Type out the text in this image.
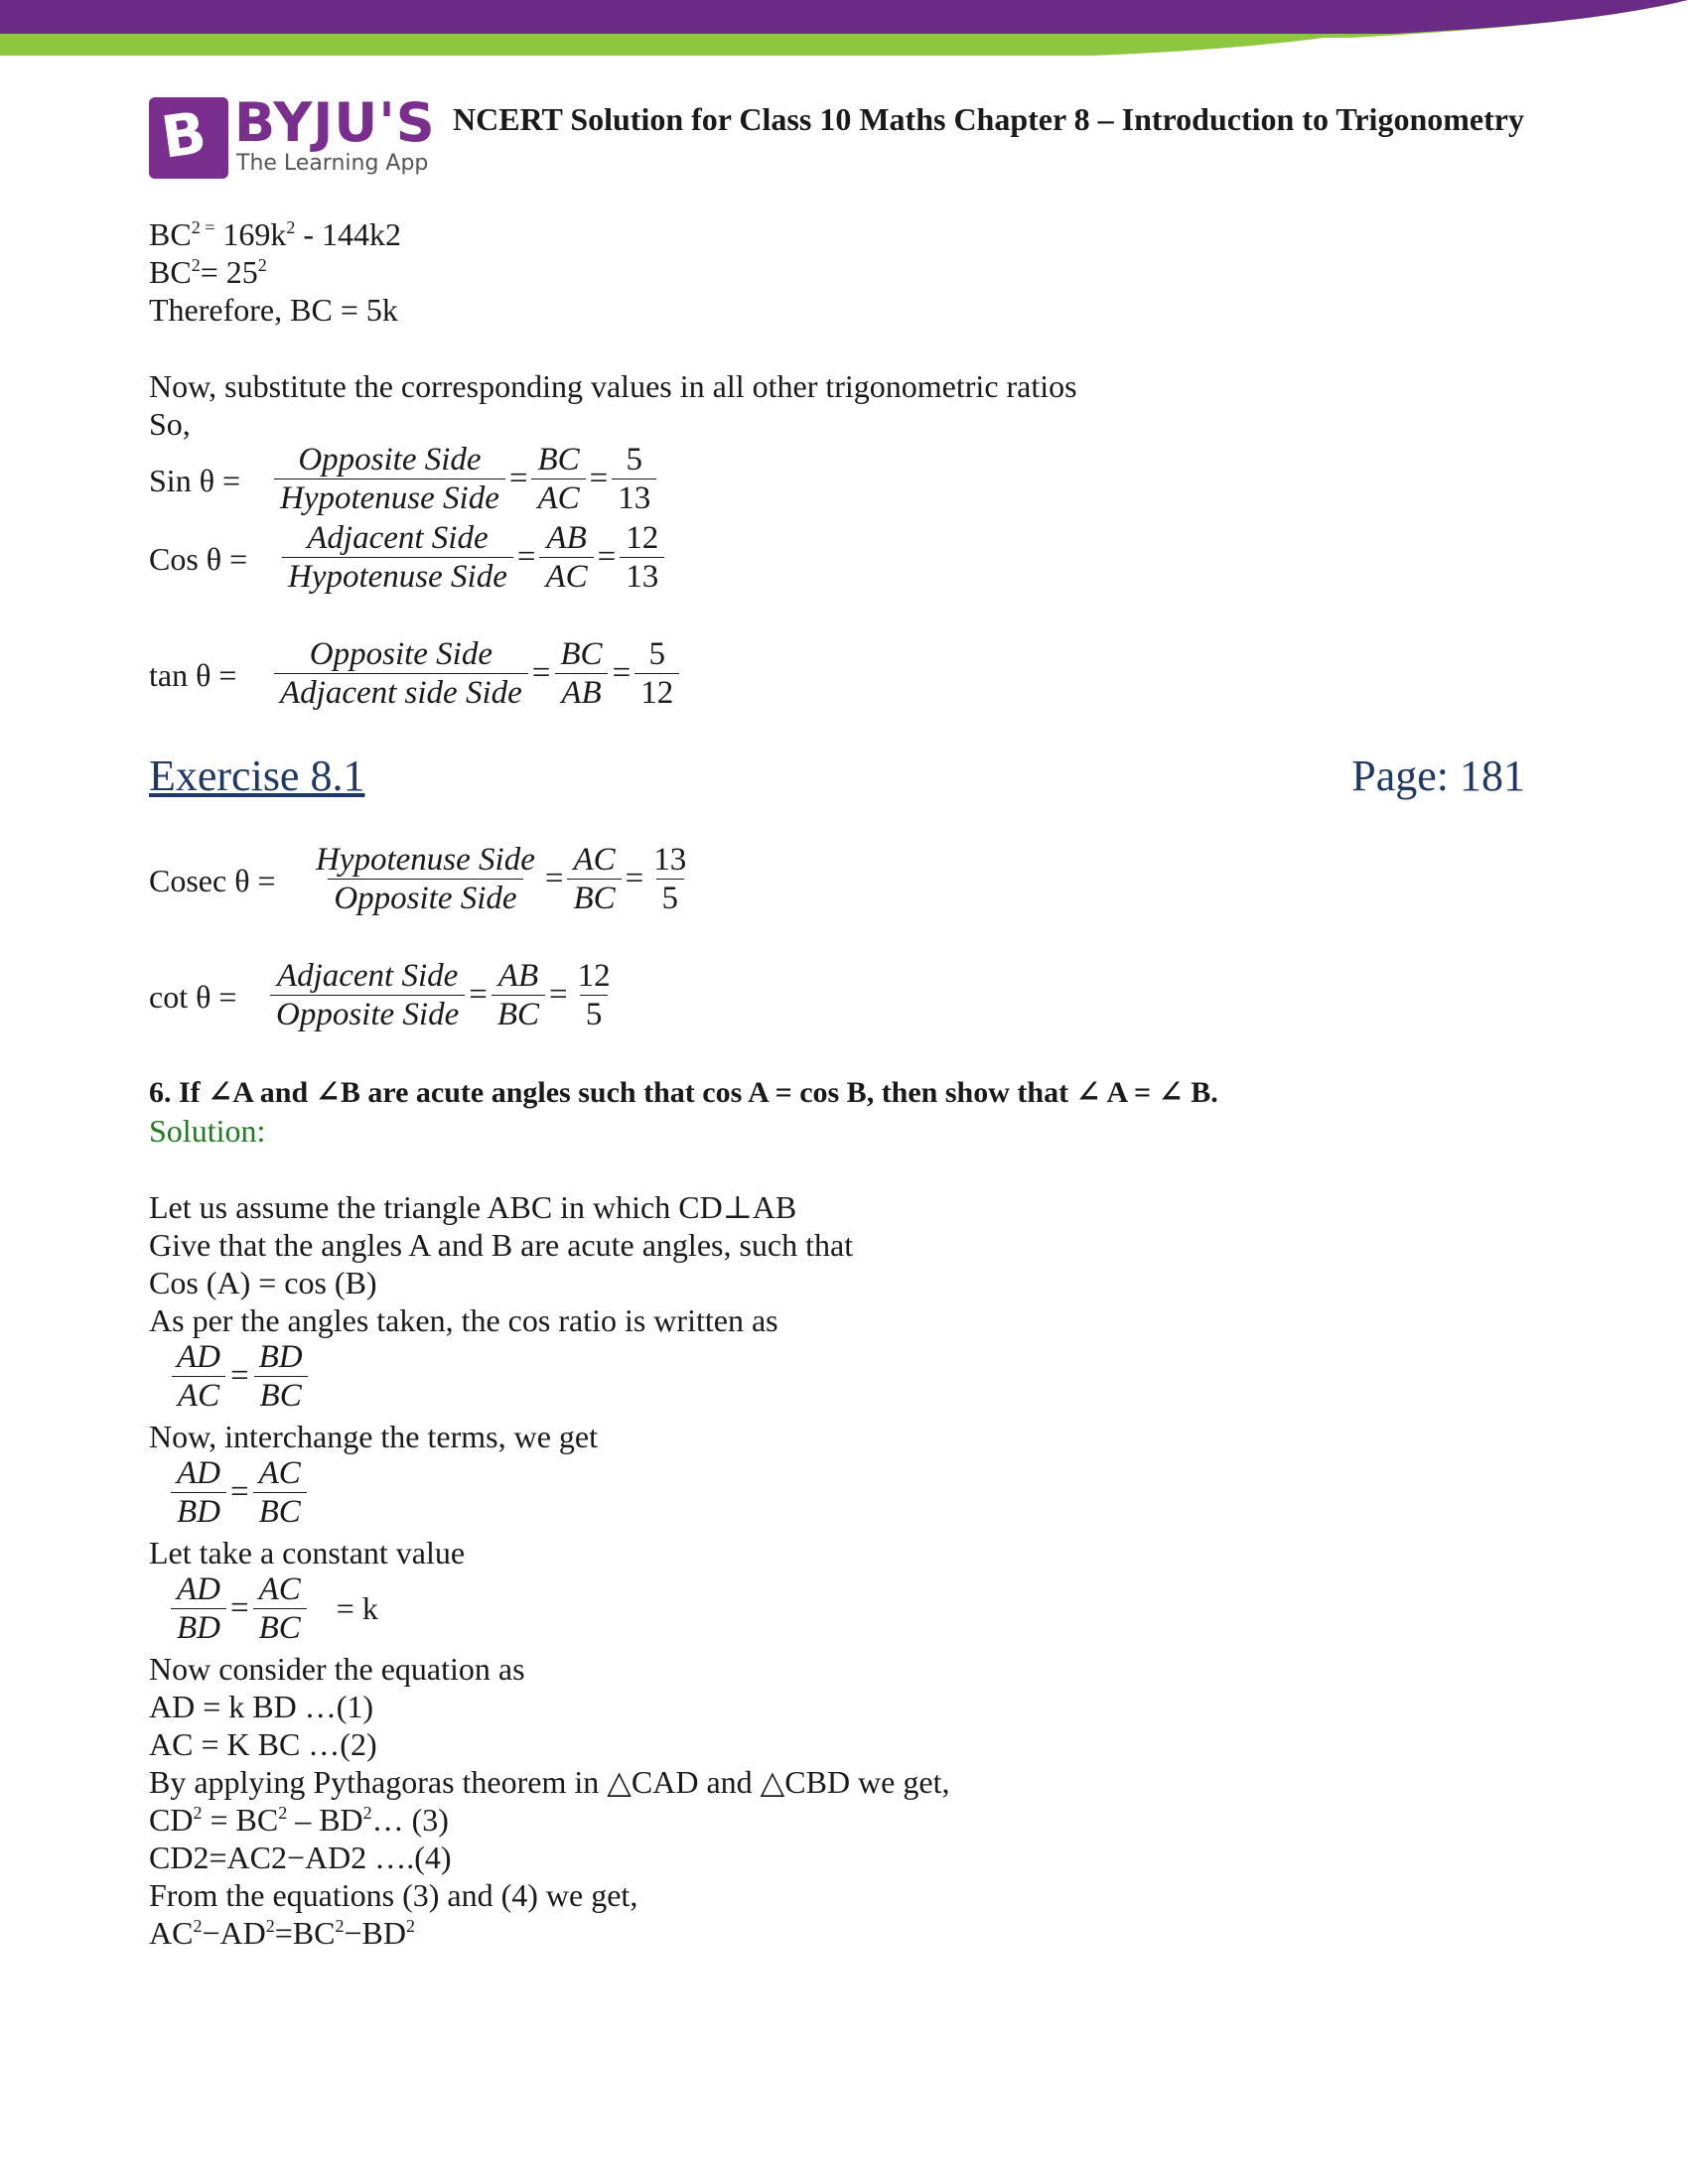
B BYJU'S
The Learning App
NCERT Solution for Class 10 Maths Chapter 8 – Introduction to Trigonometry
$BC^{2 =}$ $169k^2 - 144k2$
$BC^2= 25^2$
Therefore, BC = 5k
Now, substitute the corresponding values in all other trigonometric ratios
So,
Sin $\theta = \frac{\text{Opposite Side}}{\text{Hypotenuse Side}} = \frac{BC}{AC} = \frac{5}{13}$
Cos $\theta = \frac{\text{Adjacent Side}}{\text{Hypotenuse Side}} = \frac{AB}{AC} = \frac{12}{13}$
$\tan \theta = \frac{\text{Opposite Side}}{\text{Adjacent side Side}} = \frac{BC}{AB} = \frac{5}{12}$
Exercise 8.1	Page: 181
Cosec $\theta = \frac{\text{Hypotenuse Side}}{\text{Opposite Side}} = \frac{AC}{BC} = \frac{13}{5}$
$\cot \theta = \frac{\text{Adjacent Side}}{\text{Opposite Side}} = \frac{AB}{BC} = \frac{12}{5}$
6. If ∠A and ∠B are acute angles such that cos A = cos B, then show that ∠ A = ∠ B.
Solution:
Let us assume the triangle ABC in which CD⊥AB
Give that the angles A and B are acute angles, such that
Cos (A) = cos (B)
As per the angles taken, the cos ratio is written as
$\frac{AD}{AC} = \frac{BD}{BC}$
Now, interchange the terms, we get
$\frac{AD}{BD} = \frac{AC}{BC}$
Let take a constant value
$\frac{AD}{BD} = \frac{AC}{BC} = k$
Now consider the equation as
AD = k BD …(1)
AC = K BC …(2)
By applying Pythagoras theorem in △CAD and △CBD we get,
$CD^2 = BC^2$ – $BD^2\dots$ (3)
CD2=AC2−AD2 ….(4)
From the equations (3) and (4) we get,
$AC^2-AD^2=BC^2-BD^2$
